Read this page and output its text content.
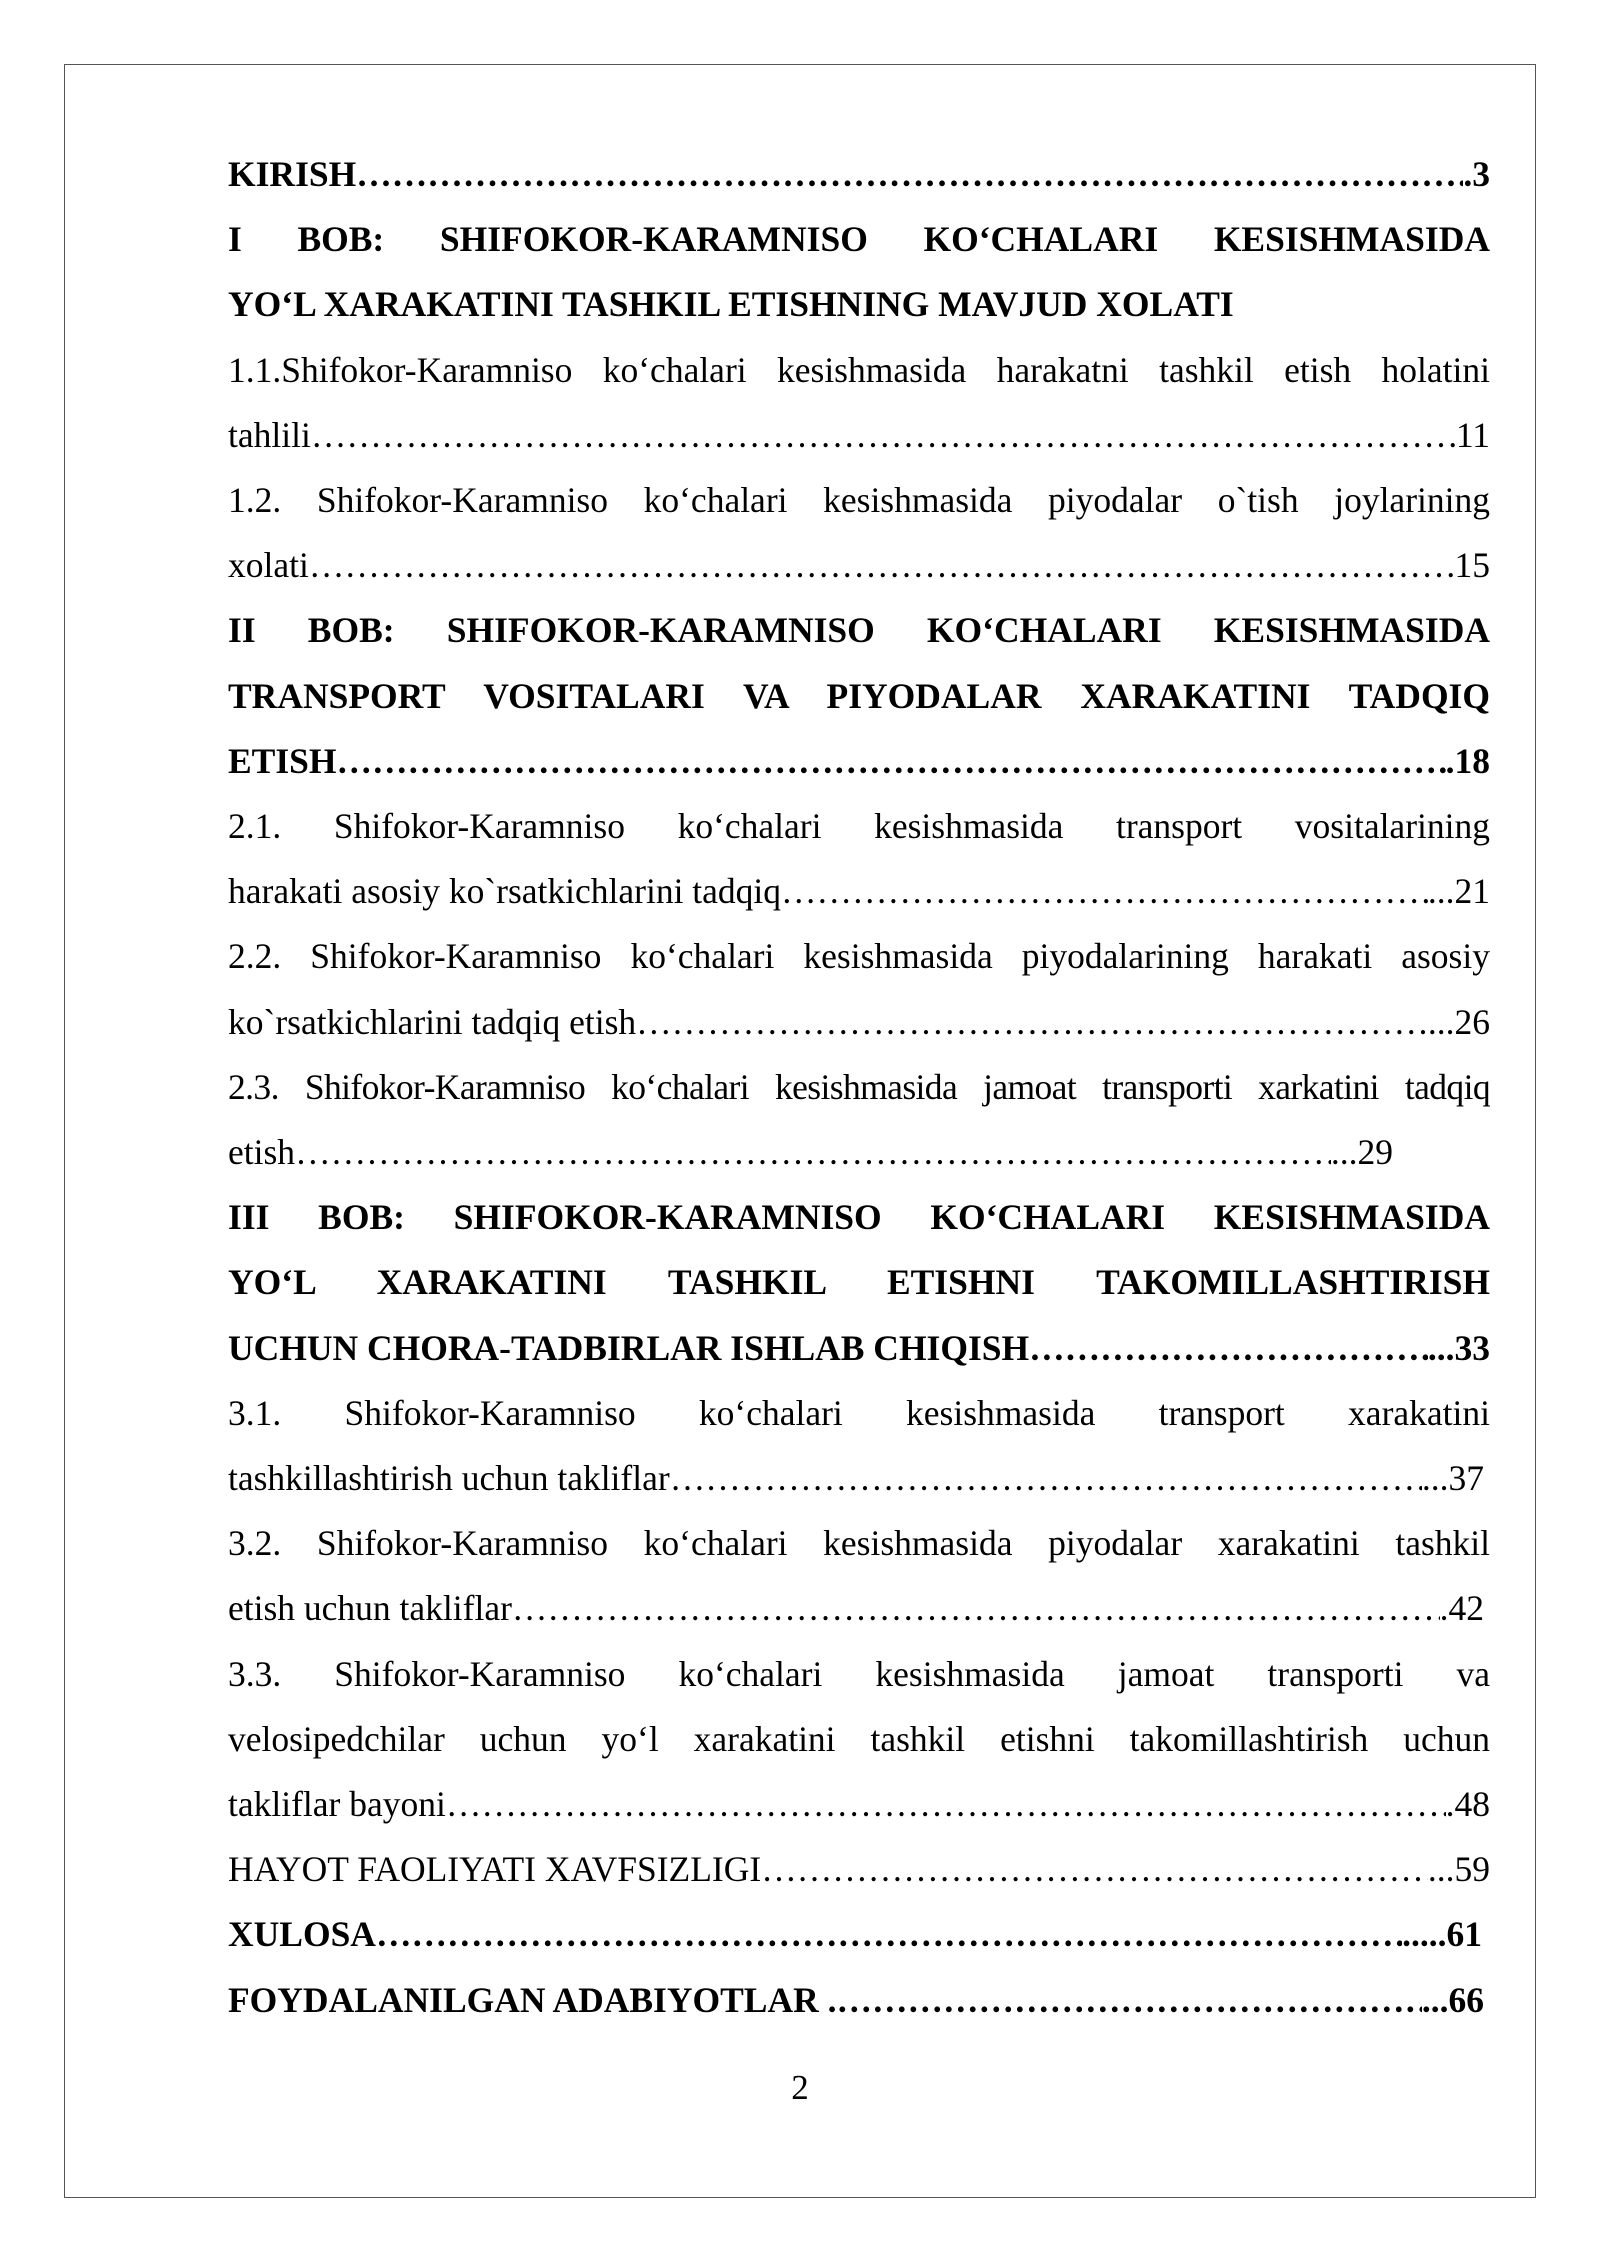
KIRISH …………………………………………………………………………………………………………………………………………………………………………………………………………	.3
I BOB: SHIFOKOR-KARAMNISO KO‘CHALARI KESISHMASIDA
YO‘L XARAKATINI TASHKIL ETISHNING MAVJUD XOLATI
1.1.Shifokor-Karamniso ko‘chalari kesishmasida harakatni tashkil etish holatini
tahlili …………………………………………………………………………………………………………………………………………………………………………………………………………	11
1.2. Shifokor-Karamniso ko‘chalari kesishmasida piyodalar o`tish joylarining
xolati …………………………………………………………………………………………………………………………………………………………………………………………………………	15
II BOB: SHIFOKOR-KARAMNISO KO‘CHALARI KESISHMASIDA
TRANSPORT VOSITALARI VA PIYODALAR XARAKATINI TADQIQ
ETISH …………………………………………………………………………………………………………………………………………………………………………………………………………	.18
2.1. Shifokor-Karamniso ko‘chalari kesishmasida transport vositalarining
harakati asosiy ko`rsatkichlarini tadqiq …………………………………………………………………………………………………………………………………………………………………………………………………………	...21
2.2. Shifokor-Karamniso ko‘chalari kesishmasida piyodalarining harakati asosiy
ko`rsatkichlarini tadqiq etish …………………………………………………………………………………………………………………………………………………………………………………………………………	...26
2.3. Shifokor-Karamniso ko‘chalari kesishmasida jamoat transporti xarkatini tadqiq
etish …………………………………………………………………………………………………………………………………………………………………………………………………………	...29
III BOB: SHIFOKOR-KARAMNISO KO‘CHALARI KESISHMASIDA
YO‘L XARAKATINI TASHKIL ETISHNI TAKOMILLASHTIRISH
UCHUN CHORA-TADBIRLAR ISHLAB CHIQISH …………………………………………………………………………………………………………………………………………………………………………………………………………	...33
3.1. Shifokor-Karamniso ko‘chalari kesishmasida transport xarakatini
tashkillashtirish uchun takliflar …………………………………………………………………………………………………………………………………………………………………………………………………………	...37
3.2. Shifokor-Karamniso ko‘chalari kesishmasida piyodalar xarakatini tashkil
etish uchun takliflar …………………………………………………………………………………………………………………………………………………………………………………………………………	.42
3.3. Shifokor-Karamniso ko‘chalari kesishmasida jamoat transporti va
velosipedchilar uchun yo‘l xarakatini tashkil etishni takomillashtirish uchun
takliflar bayoni …………………………………………………………………………………………………………………………………………………………………………………………………………	.48
HAYOT FAOLIYATI XAVFSIZLIGI …………………………………………………………………………………………………………………………………………………………………………………………………………	...59
XULOSA …………………………………………………………………………………………………………………………………………………………………………………………………………	.....61
FOYDALANILGAN ADABIYOTLAR . …………………………………………………………………………………………………………………………………………………………………………………………………………	...66
2
